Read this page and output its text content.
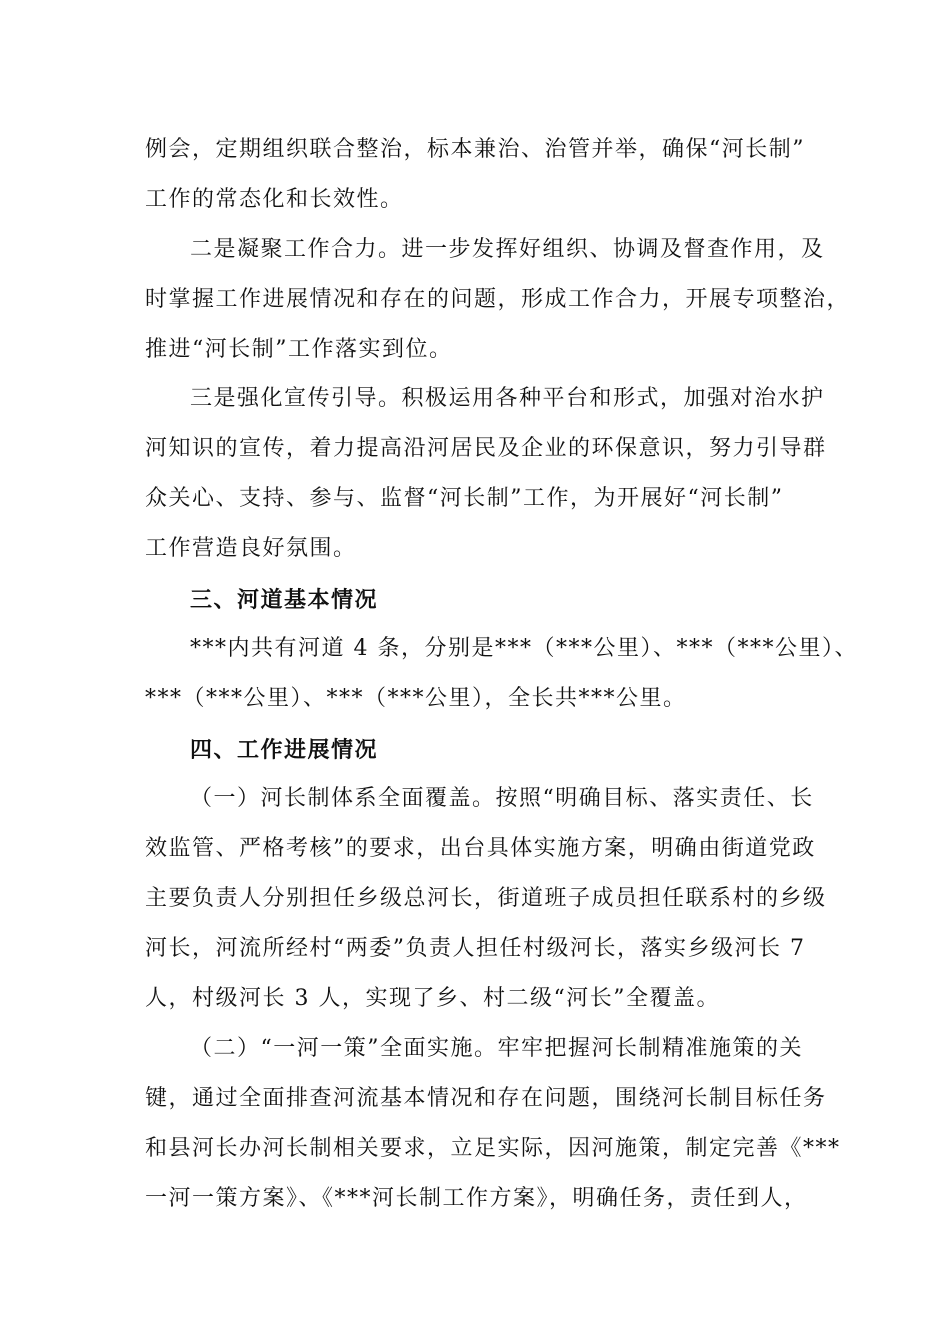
例会，定期组织联合整治，标本兼治、治管并举，确保“河长制”
工作的常态化和长效性。
二是凝聚工作合力。进一步发挥好组织、协调及督查作用，及
时掌握工作进展情况和存在的问题，形成工作合力，开展专项整治，
推进“河长制”工作落实到位。
三是强化宣传引导。积极运用各种平台和形式，加强对治水护
河知识的宣传，着力提高沿河居民及企业的环保意识，努力引导群
众关心、支持、参与、监督“河长制”工作，为开展好“河长制”
工作营造良好氛围。
三、河道基本情况
***内共有河道 4 条，分别是***（***公里）、***（***公里）、
***（***公里）、***（***公里），全长共***公里。
四、工作进展情况
（一）河长制体系全面覆盖。按照“明确目标、落实责任、长
效监管、严格考核”的要求，出台具体实施方案，明确由街道党政
主要负责人分别担任乡级总河长，街道班子成员担任联系村的乡级
河长，河流所经村“两委”负责人担任村级河长，落实乡级河长 7
人，村级河长 3 人，实现了乡、村二级“河长”全覆盖。
（二）“一河一策”全面实施。牢牢把握河长制精准施策的关
键，通过全面排查河流基本情况和存在问题，围绕河长制目标任务
和县河长办河长制相关要求，立足实际，因河施策，制定完善《***
一河一策方案》、《***河长制工作方案》，明确任务，责任到人，
